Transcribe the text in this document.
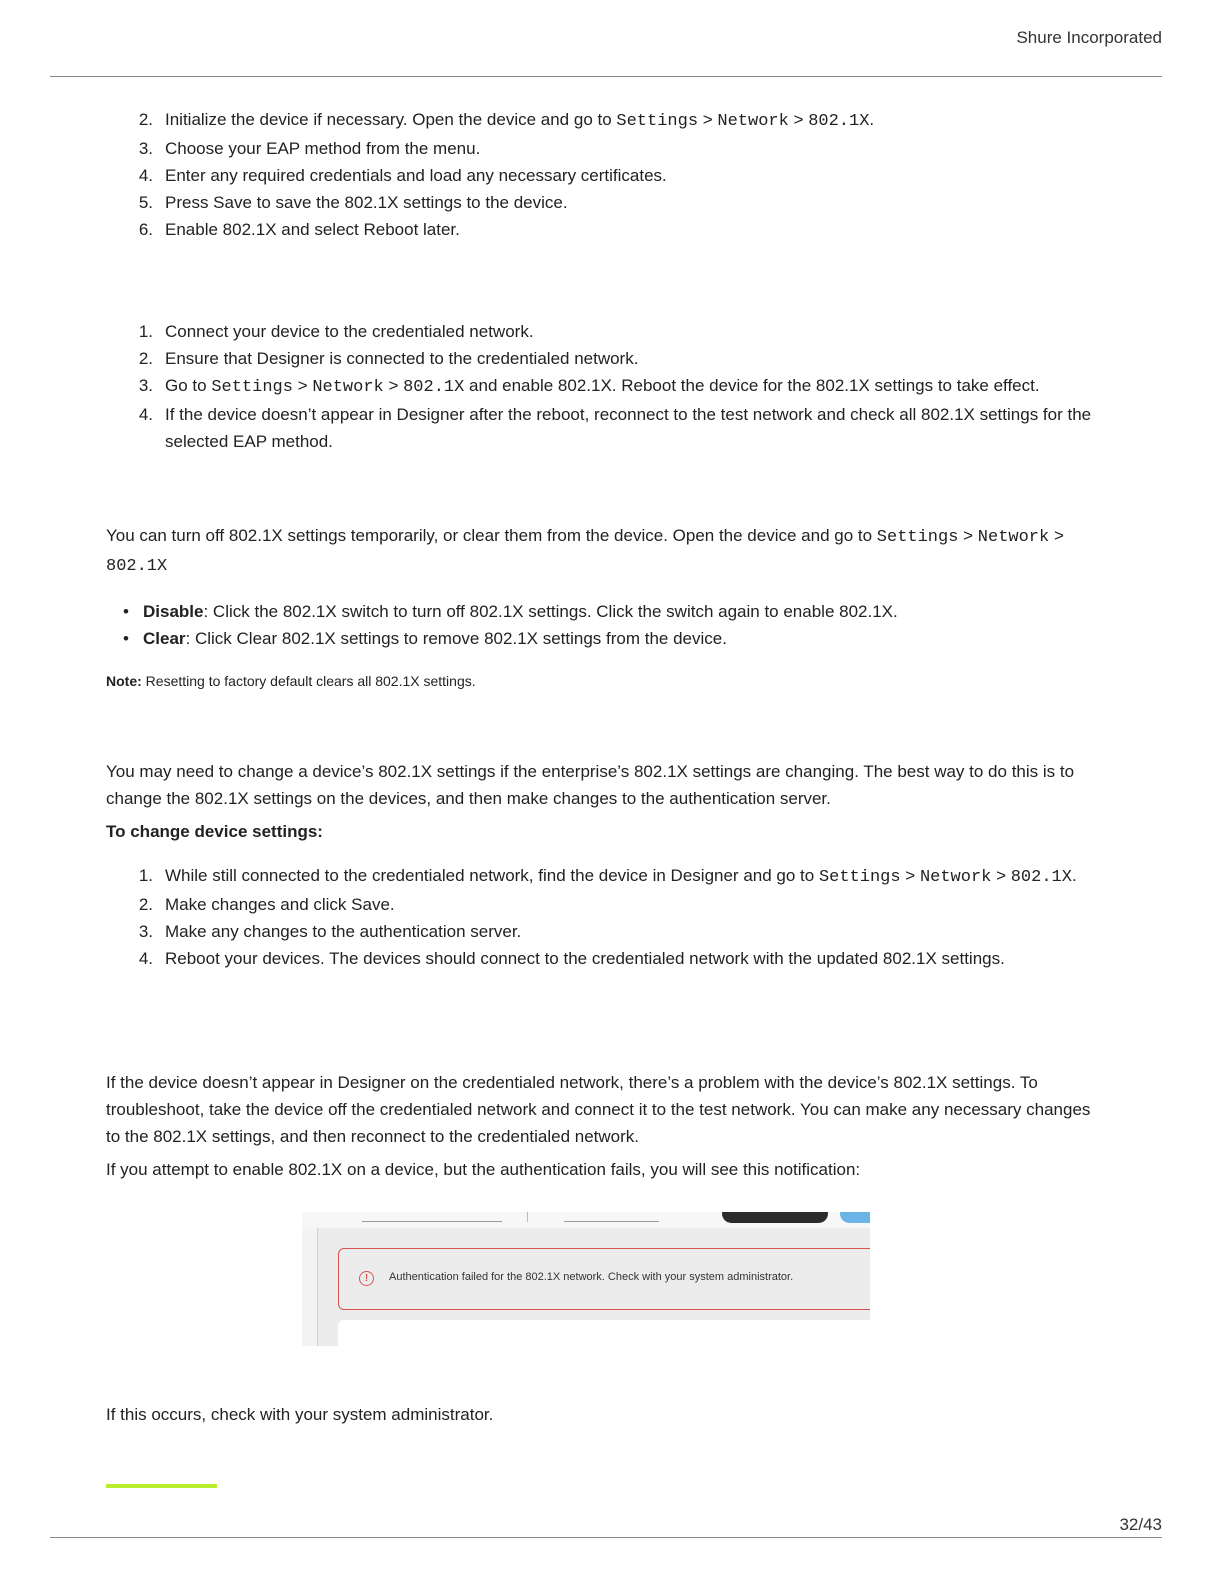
Shure Incorporated
2. Initialize the device if necessary. Open the device and go to Settings > Network > 802.1X.
3. Choose your EAP method from the menu.
4. Enter any required credentials and load any necessary certificates.
5. Press Save to save the 802.1X settings to the device.
6. Enable 802.1X and select Reboot later.
1. Connect your device to the credentialed network.
2. Ensure that Designer is connected to the credentialed network.
3. Go to Settings > Network > 802.1X and enable 802.1X. Reboot the device for the 802.1X settings to take effect.
4. If the device doesn’t appear in Designer after the reboot, reconnect to the test network and check all 802.1X settings for the selected EAP method.

You can turn off 802.1X settings temporarily, or clear them from the device. Open the device and go to Settings > Network > 802.1X

• Disable: Click the 802.1X switch to turn off 802.1X settings. Click the switch again to enable 802.1X.
• Clear: Click Clear 802.1X settings to remove 802.1X settings from the device.

Note: Resetting to factory default clears all 802.1X settings.

You may need to change a device’s 802.1X settings if the enterprise’s 802.1X settings are changing. The best way to do this is to change the 802.1X settings on the devices, and then make changes to the authentication server.

To change device settings:

1. While still connected to the credentialed network, find the device in Designer and go to Settings > Network > 802.1X.
2. Make changes and click Save.
3. Make any changes to the authentication server.
4. Reboot your devices. The devices should connect to the credentialed network with the updated 802.1X settings.

If the device doesn’t appear in Designer on the credentialed network, there’s a problem with the device’s 802.1X settings. To troubleshoot, take the device off the credentialed network and connect it to the test network. You can make any necessary changes to the 802.1X settings, and then reconnect to the credentialed network.

If you attempt to enable 802.1X on a device, but the authentication fails, you will see this notification:

!	Authentication failed for the 802.1X network. Check with your system administrator.

If this occurs, check with your system administrator.

32/43
